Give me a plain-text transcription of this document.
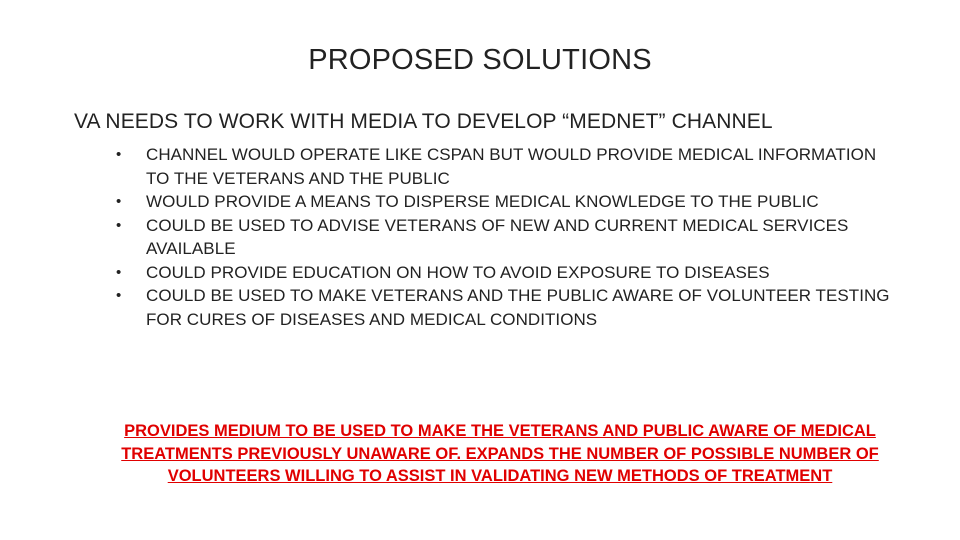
PROPOSED SOLUTIONS
VA NEEDS TO WORK WITH MEDIA TO DEVELOP “MEDNET” CHANNEL
• CHANNEL WOULD OPERATE LIKE CSPAN BUT WOULD PROVIDE MEDICAL INFORMATION TO THE VETERANS AND THE PUBLIC
• WOULD PROVIDE A MEANS TO DISPERSE MEDICAL KNOWLEDGE TO THE PUBLIC
• COULD BE USED TO ADVISE VETERANS OF NEW AND CURRENT MEDICAL SERVICES AVAILABLE
• COULD PROVIDE EDUCATION ON HOW TO AVOID EXPOSURE TO DISEASES
• COULD BE USED TO MAKE VETERANS AND THE PUBLIC AWARE OF VOLUNTEER TESTING FOR CURES OF DISEASES AND MEDICAL CONDITIONS
PROVIDES MEDIUM TO BE USED TO MAKE THE VETERANS AND PUBLIC AWARE OF MEDICAL TREATMENTS PREVIOUSLY UNAWARE OF. EXPANDS THE NUMBER OF POSSIBLE NUMBER OF VOLUNTEERS WILLING TO ASSIST IN VALIDATING NEW METHODS OF TREATMENT
